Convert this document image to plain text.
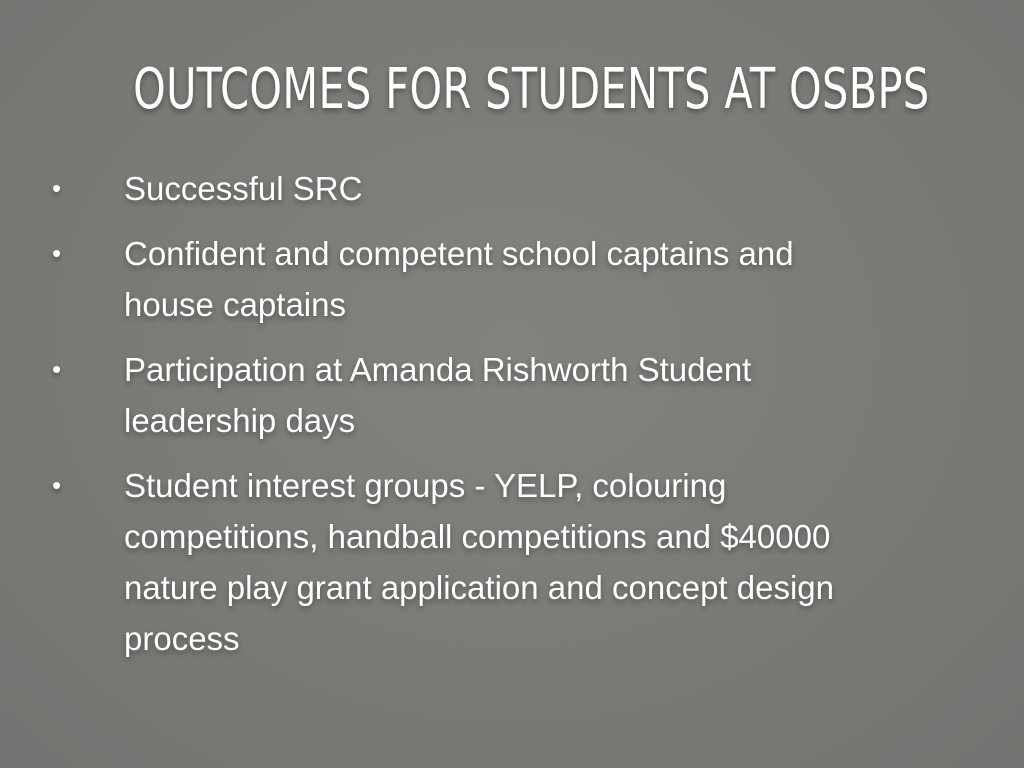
OUTCOMES FOR STUDENTS AT OSBPS
• Successful SRC
• Confident and competent school captains and house captains
• Participation at Amanda Rishworth Student leadership days
• Student interest groups - YELP, colouring competitions, handball competitions and $40000 nature play grant application and concept design process
